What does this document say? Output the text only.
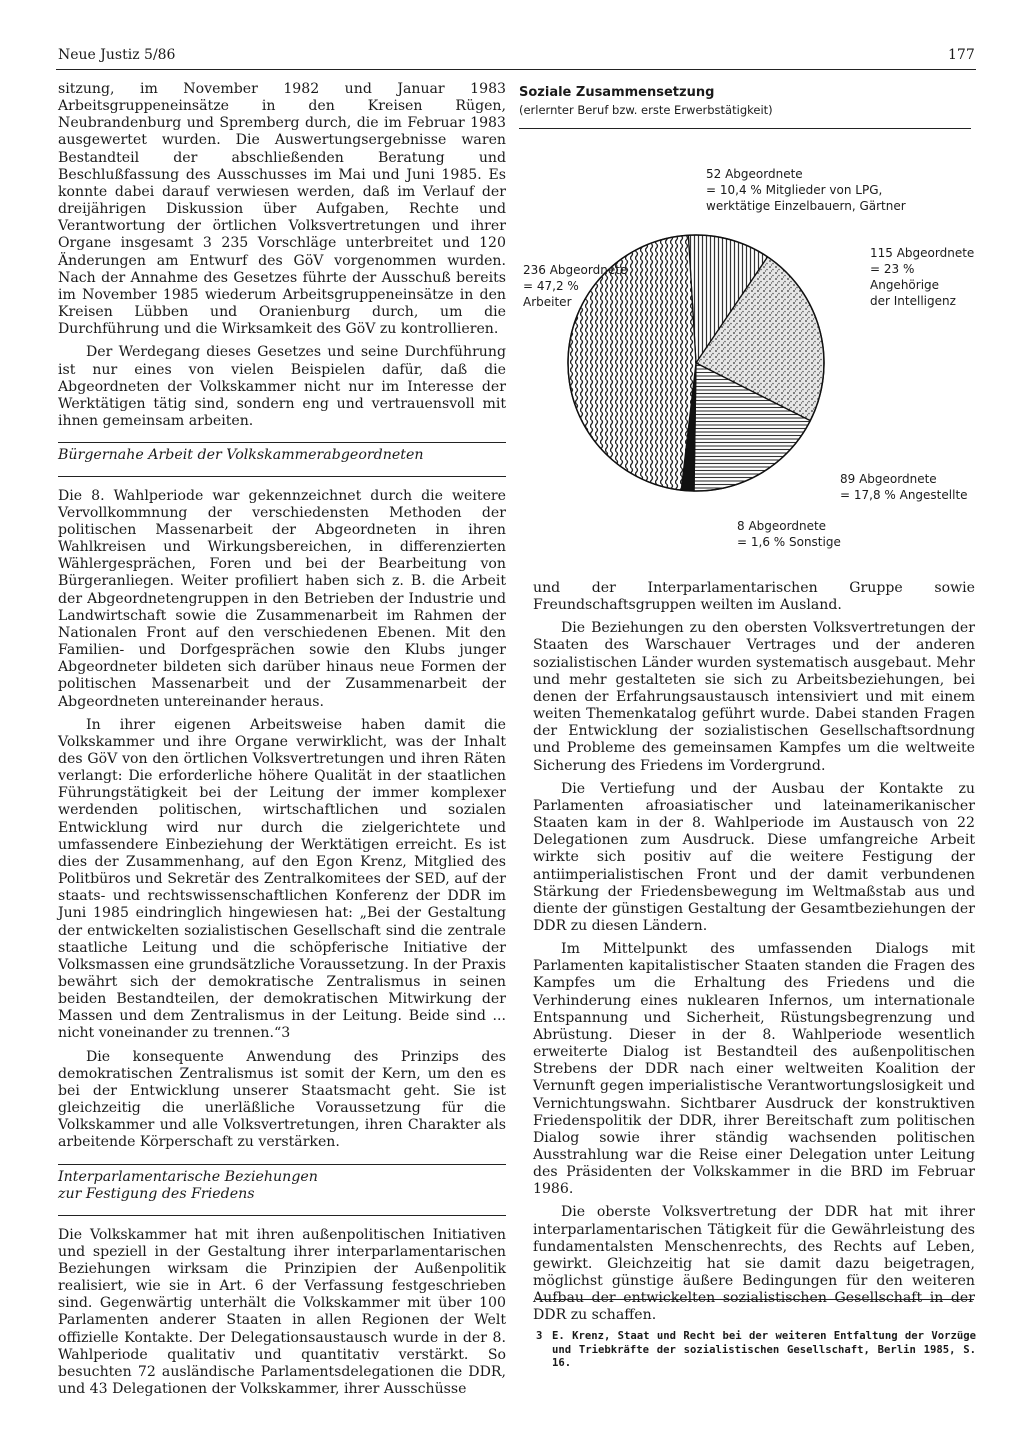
Neue Justiz 5/86	177

sitzung, im November 1982 und Januar 1983 Arbeitsgruppeneinsätze in den Kreisen Rügen, Neubrandenburg und Spremberg durch, die im Februar 1983 ausgewertet wurden. Die Auswertungsergebnisse waren Bestandteil der abschließenden Beratung und Beschlußfassung des Ausschusses im Mai und Juni 1985. Es konnte dabei darauf verwiesen werden, daß im Verlauf der dreijährigen Diskussion über Aufgaben, Rechte und Verantwortung der örtlichen Volksvertretungen und ihrer Organe insgesamt 3 235 Vorschläge unterbreitet und 120 Änderungen am Entwurf des GöV vorgenommen wurden. Nach der Annahme des Gesetzes führte der Ausschuß bereits im November 1985 wiederum Arbeitsgruppeneinsätze in den Kreisen Lübben und Oranienburg durch, um die Durchführung und die Wirksamkeit des GöV zu kontrollieren.

Der Werdegang dieses Gesetzes und seine Durchführung ist nur eines von vielen Beispielen dafür, daß die Abgeordneten der Volkskammer nicht nur im Interesse der Werktätigen tätig sind, sondern eng und vertrauensvoll mit ihnen gemeinsam arbeiten.

Bürgernahe Arbeit der Volkskammerabgeordneten

Die 8. Wahlperiode war gekennzeichnet durch die weitere Vervollkommnung der verschiedensten Methoden der politischen Massenarbeit der Abgeordneten in ihren Wahlkreisen und Wirkungsbereichen, in differenzierten Wählergesprächen, Foren und bei der Bearbeitung von Bürgeranliegen. Weiter profiliert haben sich z. B. die Arbeit der Abgeordnetengruppen in den Betrieben der Industrie und Landwirtschaft sowie die Zusammenarbeit im Rahmen der Nationalen Front auf den verschiedenen Ebenen. Mit den Familien- und Dorfgesprächen sowie den Klubs junger Abgeordneter bildeten sich darüber hinaus neue Formen der politischen Massenarbeit und der Zusammenarbeit der Abgeordneten untereinander heraus.

In ihrer eigenen Arbeitsweise haben damit die Volkskammer und ihre Organe verwirklicht, was der Inhalt des GöV von den örtlichen Volksvertretungen und ihren Räten verlangt: Die erforderliche höhere Qualität in der staatlichen Führungstätigkeit bei der Leitung der immer komplexer werdenden politischen, wirtschaftlichen und sozialen Entwicklung wird nur durch die zielgerichtete und umfassendere Einbeziehung der Werktätigen erreicht. Es ist dies der Zusammenhang, auf den Egon Krenz, Mitglied des Politbüros und Sekretär des Zentralkomitees der SED, auf der staats- und rechtswissenschaftlichen Konferenz der DDR im Juni 1985 eindringlich hingewiesen hat: „Bei der Gestaltung der entwickelten sozialistischen Gesellschaft sind die zentrale staatliche Leitung und die schöpferische Initiative der Volksmassen eine grundsätzliche Voraussetzung. In der Praxis bewährt sich der demokratische Zentralismus in seinen beiden Bestandteilen, der demokratischen Mitwirkung der Massen und dem Zentralismus in der Leitung. Beide sind ... nicht voneinander zu trennen.“3

Die konsequente Anwendung des Prinzips des demokratischen Zentralismus ist somit der Kern, um den es bei der Entwicklung unserer Staatsmacht geht. Sie ist gleichzeitig die unerläßliche Voraussetzung für die Volkskammer und alle Volksvertretungen, ihren Charakter als arbeitende Körperschaft zu verstärken.

Interparlamentarische Beziehungen
zur Festigung des Friedens

Die Volkskammer hat mit ihren außenpolitischen Initiativen und speziell in der Gestaltung ihrer interparlamentarischen Beziehungen wirksam die Prinzipien der Außenpolitik realisiert, wie sie in Art. 6 der Verfassung festgeschrieben sind. Gegenwärtig unterhält die Volkskammer mit über 100 Parlamenten anderer Staaten in allen Regionen der Welt offizielle Kontakte. Der Delegationsaustausch wurde in der 8. Wahlperiode qualitativ und quantitativ verstärkt. So besuchten 72 ausländische Parlamentsdelegationen die DDR, und 43 Delegationen der Volkskammer, ihrer Ausschüsse

Soziale Zusammensetzung
(erlernter Beruf bzw. erste Erwerbstätigkeit)
52 Abgeordnete = 10,4 % Mitglieder von LPG, werktätige Einzelbauern, Gärtner
115 Abgeordnete = 23 % Angehörige der Intelligenz
89 Abgeordnete = 17,8 % Angestellte
8 Abgeordnete = 1,6 % Sonstige
236 Abgeordnete = 47,2 % Arbeiter

und der Interparlamentarischen Gruppe sowie Freundschaftsgruppen weilten im Ausland.

Die Beziehungen zu den obersten Volksvertretungen der Staaten des Warschauer Vertrages und der anderen sozialistischen Länder wurden systematisch ausgebaut. Mehr und mehr gestalteten sie sich zu Arbeitsbeziehungen, bei denen der Erfahrungsaustausch intensiviert und mit einem weiten Themenkatalog geführt wurde. Dabei standen Fragen der Entwicklung der sozialistischen Gesellschaftsordnung und Probleme des gemeinsamen Kampfes um die weltweite Sicherung des Friedens im Vordergrund.

Die Vertiefung und der Ausbau der Kontakte zu Parlamenten afroasiatischer und lateinamerikanischer Staaten kam in der 8. Wahlperiode im Austausch von 22 Delegationen zum Ausdruck. Diese umfangreiche Arbeit wirkte sich positiv auf die weitere Festigung der antiimperialistischen Front und der damit verbundenen Stärkung der Friedensbewegung im Weltmaßstab aus und diente der günstigen Gestaltung der Gesamtbeziehungen der DDR zu diesen Ländern.

Im Mittelpunkt des umfassenden Dialogs mit Parlamenten kapitalistischer Staaten standen die Fragen des Kampfes um die Erhaltung des Friedens und die Verhinderung eines nuklearen Infernos, um internationale Entspannung und Sicherheit, Rüstungsbegrenzung und Abrüstung. Dieser in der 8. Wahlperiode wesentlich erweiterte Dialog ist Bestandteil des außenpolitischen Strebens der DDR nach einer weltweiten Koalition der Vernunft gegen imperialistische Verantwortungslosigkeit und Vernichtungswahn. Sichtbarer Ausdruck der konstruktiven Friedenspolitik der DDR, ihrer Bereitschaft zum politischen Dialog sowie ihrer ständig wachsenden politischen Ausstrahlung war die Reise einer Delegation unter Leitung des Präsidenten der Volkskammer in die BRD im Februar 1986.

Die oberste Volksvertretung der DDR hat mit ihrer interparlamentarischen Tätigkeit für die Gewährleistung des fundamentalsten Menschenrechts, des Rechts auf Leben, gewirkt. Gleichzeitig hat sie damit dazu beigetragen, möglichst günstige äußere Bedingungen für den weiteren Aufbau der entwickelten sozialistischen Gesellschaft in der DDR zu schaffen.

3 E. Krenz, Staat und Recht bei der weiteren Entfaltung der Vorzüge und Triebkräfte der sozialistischen Gesellschaft, Berlin 1985, S. 16.
